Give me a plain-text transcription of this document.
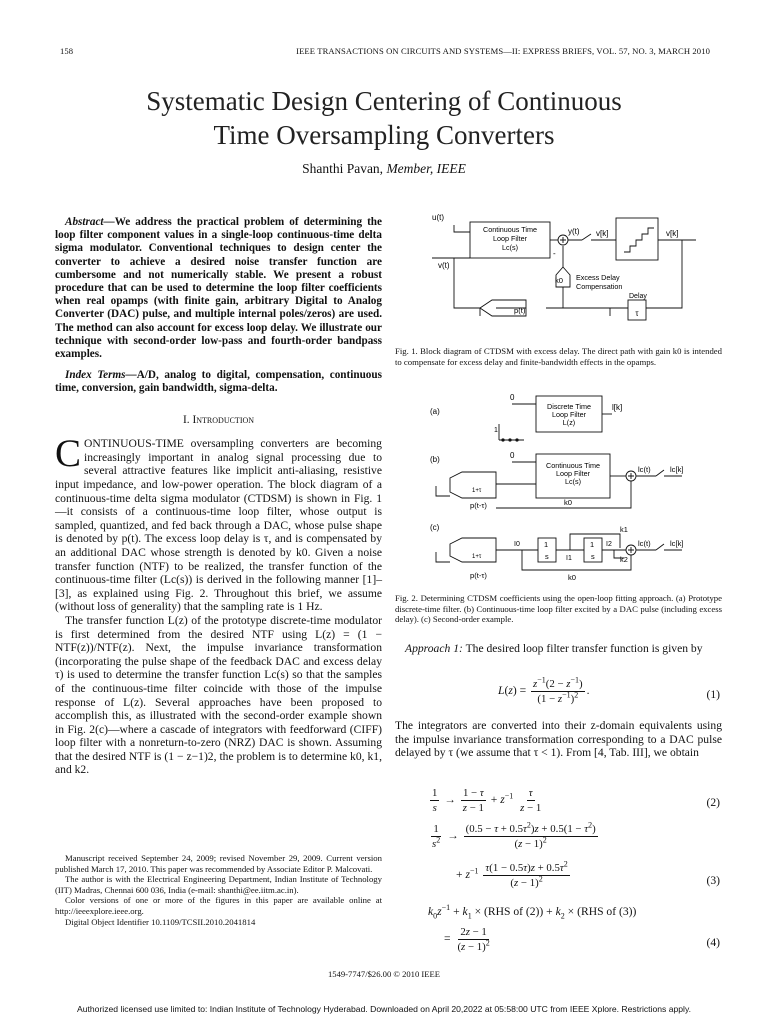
158	IEEE TRANSACTIONS ON CIRCUITS AND SYSTEMS—II: EXPRESS BRIEFS, VOL. 57, NO. 3, MARCH 2010
Systematic Design Centering of Continuous
Time Oversampling Converters
Shanthi Pavan, Member, IEEE

Abstract—We address the practical problem of determining the loop filter component values in a single-loop continuous-time delta sigma modulator. Conventional techniques to design center the converter to achieve a desired noise transfer function are cumbersome and not numerically stable. We present a robust procedure that can be used to determine the loop filter coefficients when real opamps (with finite gain, arbitrary Digital to Analog Converter (DAC) pulse, and multiple internal poles/zeros) are used. The method can also account for excess loop delay. We illustrate our technique with second-order low-pass and fourth-order bandpass examples.

Index Terms—A/D, analog to digital, compensation, continuous time, conversion, gain bandwidth, sigma-delta.

I. Introduction

CONTINUOUS-TIME oversampling converters are becoming increasingly important in analog signal processing due to several attractive features like implicit anti-aliasing, resistive input impedance, and low-power operation. The block diagram of a continuous-time delta sigma modulator (CTDSM) is shown in Fig. 1—it consists of a continuous-time loop filter, whose output is sampled, quantized, and fed back through a DAC, whose pulse shape is denoted by p(t). The excess loop delay is τ, and is compensated by an additional DAC whose strength is denoted by k0. Given a noise transfer function (NTF) to be realized, the transfer function of the continuous-time filter (Lc(s)) is derived in the following manner [1]–[3], as explained using Fig. 2. Throughout this brief, we assume (without loss of generality) that the sampling rate is 1 Hz.

The transfer function L(z) of the prototype discrete-time modulator is first determined from the desired NTF using L(z) = (1 − NTF(z))/NTF(z). Next, the impulse invariance transformation (incorporating the pulse shape of the feedback DAC and excess delay τ) is used to determine the transfer function Lc(s) so that the samples of the continuous-time filter coincide with those of the impulse response of L(z). Several approaches have been proposed to accomplish this, as illustrated with the second-order example shown in Fig. 2(c)—where a cascade of integrators with feedforward (CIFF) loop filter with a nonreturn-to-zero (NRZ) DAC is shown. Assuming that the desired NTF is (1 − z−1)2, the problem is to determine k0, k1, and k2.

Manuscript received September 24, 2009; revised November 29, 2009. Current version published March 17, 2010. This paper was recommended by Associate Editor P. Malcovati.

The author is with the Electrical Engineering Department, Indian Institute of Technology (IIT) Madras, Chennai 600 036, India (e-mail: shanthi@ee.iitm.ac.in).

Color versions of one or more of the figures in this paper are available online at http://ieeexplore.ieee.org.

Digital Object Identifier 10.1109/TCSII.2010.2041814

u(t)
v(t)
Continuous Time
Loop Filter
Lc(s)
y(t) v[k]	v[k]
-
k0 Excess Delay
Compensation
p(t)
Delay
τ
Fig. 1. Block diagram of CTDSM with excess delay. The direct path with gain k0 is intended to compensate for excess delay and finite-bandwidth effects in the opamps.
(a)
(b)
(c)
0
1
Discrete Time
Loop Filter
L(z)
l[k]
0
Continuous Time
Loop Filter
Lc(s)
lc(t)	lc[k]
p(t-τ)
1+τ
k0
I0	1
s I1
1
s
I2
k1
k2
lc(t)	lc[k]
p(t-τ)
1+τ
k0
Fig. 2. Determining CTDSM coefficients using the open-loop fitting approach. (a) Prototype discrete-time filter. (b) Continuous-time loop filter excited by a DAC pulse (including excess delay). (c) Second-order example.

Approach 1: The desired loop filter transfer function is given by

$L(z) = \frac{z^{-1}(2 - z^{-1})}{(1 - z^{-1})^2}$ .	(1)
The integrators are converted into their z-domain equivalents using the impulse invariance transformation corresponding to a DAC pulse delayed by τ (we assume that τ < 1). From [4, Tab. III], we obtain
$\frac{1}{s} \to \frac{1 - \tau}{z - 1} + z^{-1} \frac{\tau}{z - 1}$	(2)
$\frac{1}{s^2} \to \frac{(0.5 - \tau + 0.5\tau^2)z + 0.5(1 - \tau^2)}{(z - 1)^2}$
+ $z^{-1} \frac{\tau(1 - 0.5\tau)z + 0.5\tau^2}{(z - 1)^2}$	(3)
$k_0z^{-1} + k_1 \times (RHS$ of $(2)) + k_2 \times (RHS$ of (3))
= $\frac{2z - 1}{(z - 1)^2}$	(4)
1549-7747/$26.00 © 2010 IEEE
Authorized licensed use limited to: Indian Institute of Technology Hyderabad. Downloaded on April 20,2022 at 05:58:00 UTC from IEEE Xplore. Restrictions apply.
